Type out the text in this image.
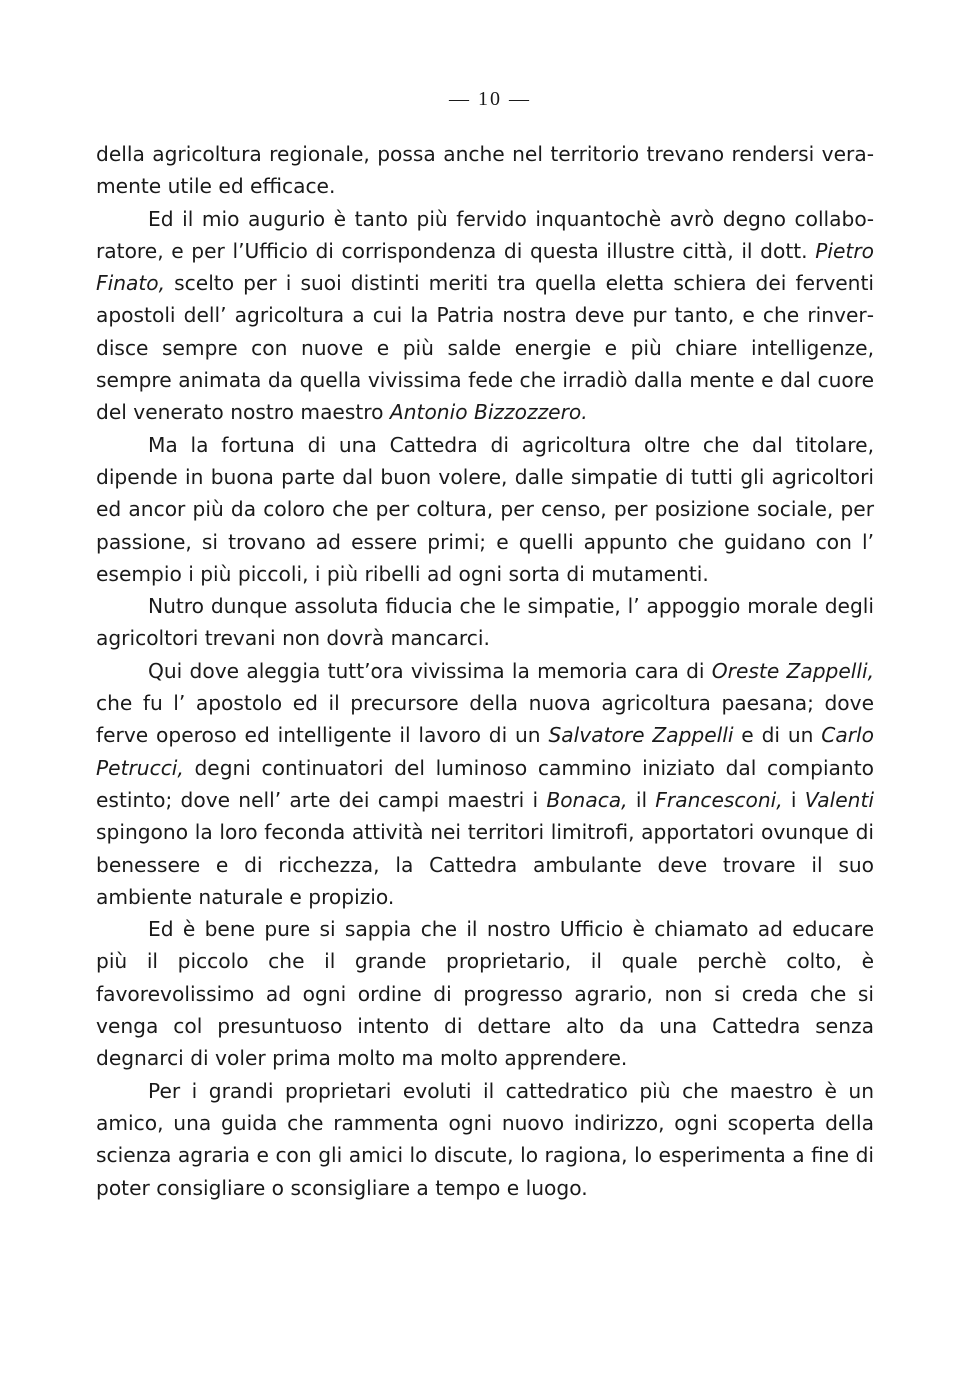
— 10 —

della agricoltura regionale, possa anche nel territorio trevano rendersi veramente utile ed efficace.

Ed il mio augurio è tanto più fervido inquantochè avrò degno collaboratore, e per l’Ufficio di corrispondenza di questa illustre città, il dott. Pietro Finato, scelto per i suoi distinti meriti tra quella eletta schiera dei ferventi apostoli dell’ agricoltura a cui la Patria nostra deve pur tanto, e che rinverdisce sempre con nuove e più salde energie e più chiare intelligenze, sempre animata da quella vivissima fede che irradiò dalla mente e dal cuore del venerato nostro maestro Antonio Bizzozzero.

Ma la fortuna di una Cattedra di agricoltura oltre che dal titolare, dipende in buona parte dal buon volere, dalle simpatie di tutti gli agricoltori ed ancor più da coloro che per coltura, per censo, per posizione sociale, per passione, si trovano ad essere primi; e quelli appunto che guidano con l’ esempio i più piccoli, i più ribelli ad ogni sorta di mutamenti.

Nutro dunque assoluta fiducia che le simpatie, l’ appoggio morale degli agricoltori trevani non dovrà mancarci.

Qui dove aleggia tutt’ora vivissima la memoria cara di Oreste Zappelli, che fu l’ apostolo ed il precursore della nuova agricoltura paesana; dove ferve operoso ed intelligente il lavoro di un Salvatore Zappelli e di un Carlo Petrucci, degni continuatori del luminoso cammino iniziato dal compianto estinto; dove nell’ arte dei campi maestri i Bonaca, il Francesconi, i Valenti spingono la loro feconda attività nei territori limitrofi, apportatori ovunque di benessere e di ricchezza, la Cattedra ambulante deve trovare il suo ambiente naturale e propizio.

Ed è bene pure si sappia che il nostro Ufficio è chiamato ad educare più il piccolo che il grande proprietario, il quale perchè colto, è favorevolissimo ad ogni ordine di progresso agrario, non si creda che si venga col presuntuoso intento di dettare alto da una Cattedra senza degnarci di voler prima molto ma molto apprendere.

Per i grandi proprietari evoluti il cattedratico più che maestro è un amico, una guida che rammenta ogni nuovo indirizzo, ogni scoperta della scienza agraria e con gli amici lo discute, lo ragiona, lo esperimenta a fine di poter consigliare o sconsigliare a tempo e luogo.
